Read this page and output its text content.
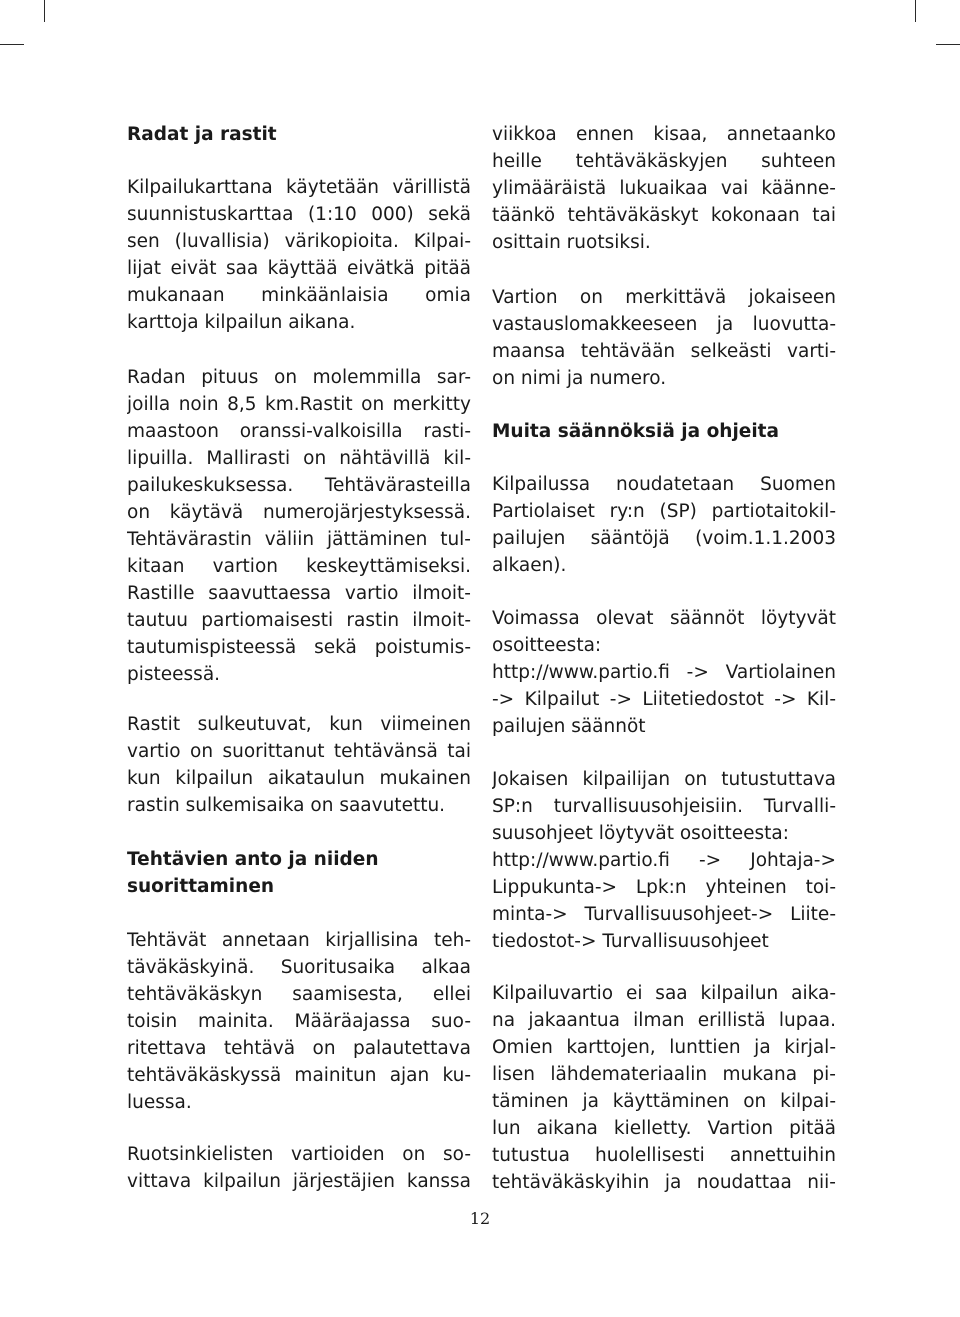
Radat ja rastit
Kilpailukarttana käytetään värillistä
suunnistuskarttaa (1:10 000) sekä
sen (luvallisia) värikopioita. Kilpai-
lijat eivät saa käyttää eivätkä pitää
mukanaan minkäänlaisia omia
karttoja kilpailun aikana.
Radan pituus on molemmilla sar-
joilla noin 8,5 km.Rastit on merkitty
maastoon oranssi-valkoisilla rasti-
lipuilla. Mallirasti on nähtävillä kil-
pailukeskuksessa. Tehtävärasteilla
on käytävä numerojärjestyksessä.
Tehtävärastin väliin jättäminen tul-
kitaan vartion keskeyttämiseksi.
Rastille saavuttaessa vartio ilmoit-
tautuu partiomaisesti rastin ilmoit-
tautumispisteessä sekä poistumis-
pisteessä.
Rastit sulkeutuvat, kun viimeinen
vartio on suorittanut tehtävänsä tai
kun kilpailun aikataulun mukainen
rastin sulkemisaika on saavutettu.
Tehtävien anto ja niiden
suorittaminen
Tehtävät annetaan kirjallisina teh-
täväkäskyinä. Suoritusaika alkaa
tehtäväkäskyn saamisesta, ellei
toisin mainita. Määräajassa suo-
ritettava tehtävä on palautettava
tehtäväkäskyssä mainitun ajan ku-
luessa.
Ruotsinkielisten vartioiden on so-
vittava kilpailun järjestäjien kanssa
viikkoa ennen kisaa, annetaanko
heille tehtäväkäskyjen suhteen
ylimääräistä lukuaikaa vai käänne-
täänkö tehtäväkäskyt kokonaan tai
osittain ruotsiksi.
Vartion on merkittävä jokaiseen
vastauslomakkeeseen ja luovutta-
maansa tehtävään selkeästi varti-
on nimi ja numero.
Muita säännöksiä ja ohjeita
Kilpailussa noudatetaan Suomen
Partiolaiset ry:n (SP) partiotaitokil-
pailujen sääntöjä (voim.1.1.2003
alkaen).
Voimassa olevat säännöt löytyvät
osoitteesta:
http://www.partio.fi -> Vartiolainen
-> Kilpailut -> Liitetiedostot -> Kil-
pailujen säännöt
Jokaisen kilpailijan on tutustuttava
SP:n turvallisuusohjeisiin. Turvalli-
suusohjeet löytyvät osoitteesta:
http://www.partio.fi -> Johtaja->
Lippukunta-> Lpk:n yhteinen toi-
minta-> Turvallisuusohjeet-> Liite-
tiedostot-> Turvallisuusohjeet
Kilpailuvartio ei saa kilpailun aika-
na jakaantua ilman erillistä lupaa.
Omien karttojen, lunttien ja kirjal-
lisen lähdemateriaalin mukana pi-
täminen ja käyttäminen on kilpai-
lun aikana kielletty. Vartion pitää
tutustua huolellisesti annettuihin
tehtäväkäskyihin ja noudattaa nii-
12
